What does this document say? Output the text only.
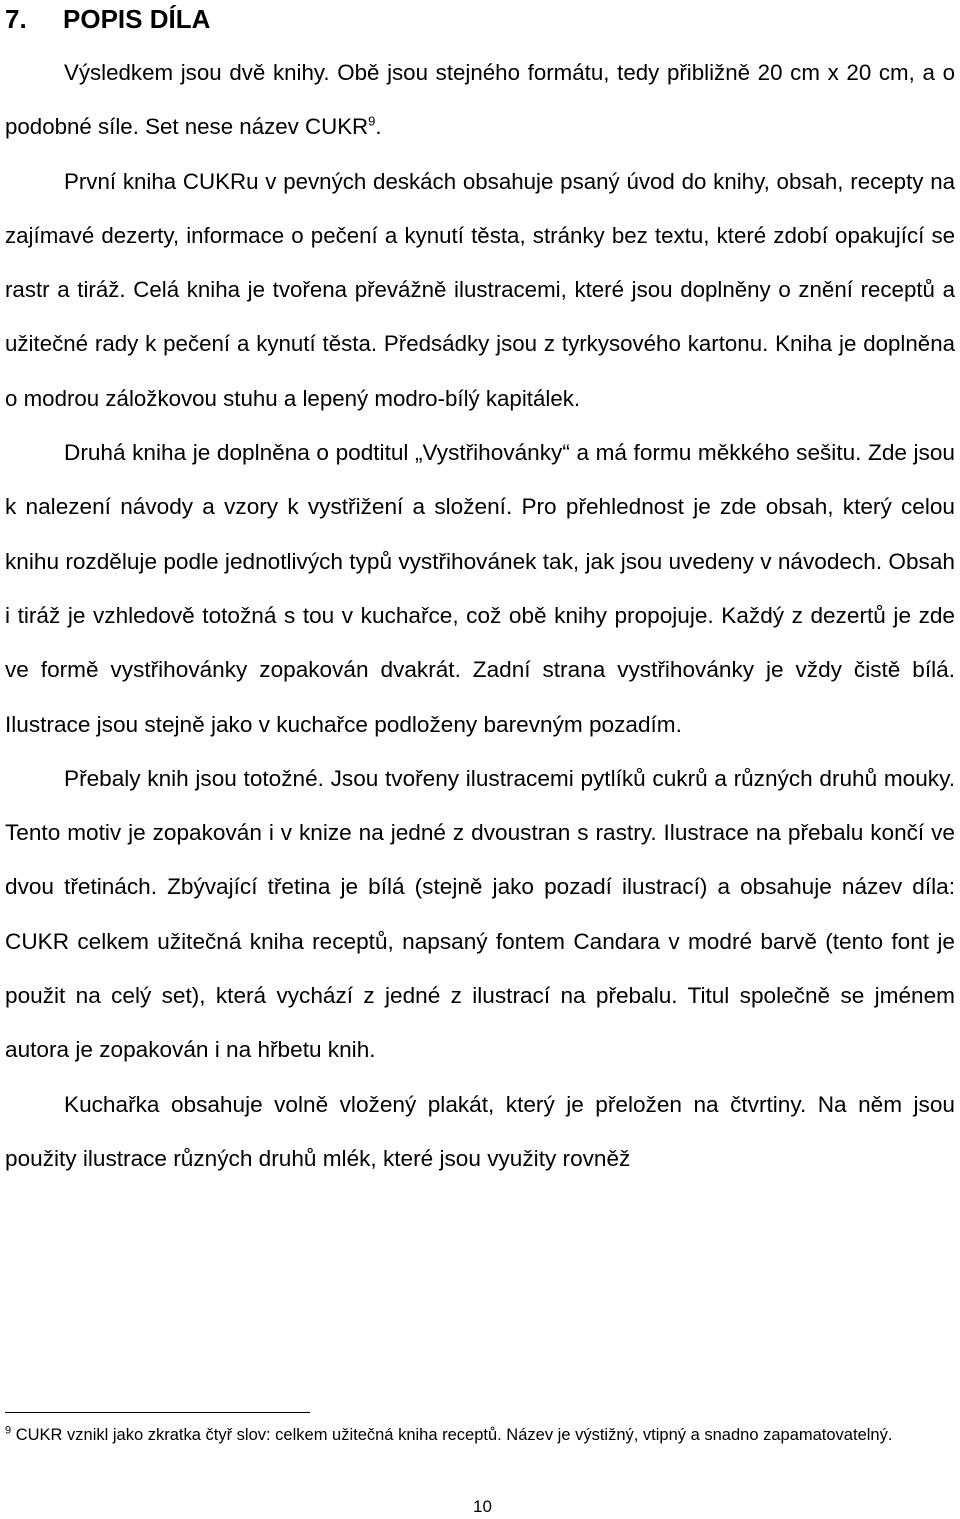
7. POPIS DÍLA

Výsledkem jsou dvě knihy. Obě jsou stejného formátu, tedy přibližně 20 cm x 20 cm, a o podobné síle. Set nese název CUKR$^9$.

První kniha CUKRu v pevných deskách obsahuje psaný úvod do knihy, obsah, recepty na zajímavé dezerty, informace o pečení a kynutí těsta, stránky bez textu, které zdobí opakující se rastr a tiráž. Celá kniha je tvořena převážně ilustracemi, které jsou doplněny o znění receptů a užitečné rady k pečení a kynutí těsta. Předsádky jsou z tyrkysového kartonu. Kniha je doplněna o modrou záložkovou stuhu a lepený modro-bílý kapitálek.

Druhá kniha je doplněna o podtitul „Vystřihovánky“ a má formu měkkého sešitu. Zde jsou k nalezení návody a vzory k vystřižení a složení. Pro přehlednost je zde obsah, který celou knihu rozděluje podle jednotlivých typů vystřihovánek tak, jak jsou uvedeny v návodech. Obsah i tiráž je vzhledově totožná s tou v kuchařce, což obě knihy propojuje. Každý z dezertů je zde ve formě vystřihovánky zopakován dvakrát. Zadní strana vystřihovánky je vždy čistě bílá. Ilustrace jsou stejně jako v kuchařce podloženy barevným pozadím.

Přebaly knih jsou totožné. Jsou tvořeny ilustracemi pytlíků cukrů a různých druhů mouky. Tento motiv je zopakován i v knize na jedné z dvoustran s rastry. Ilustrace na přebalu končí ve dvou třetinách. Zbývající třetina je bílá (stejně jako pozadí ilustrací) a obsahuje název díla: CUKR celkem užitečná kniha receptů, napsaný fontem Candara v modré barvě (tento font je použit na celý set), která vychází z jedné z ilustrací na přebalu. Titul společně se jménem autora je zopakován i na hřbetu knih.

Kuchařka obsahuje volně vložený plakát, který je přeložen na čtvrtiny. Na něm jsou použity ilustrace různých druhů mlék, které jsou využity rovněž

$^9$ CUKR vznikl jako zkratka čtyř slov: celkem užitečná kniha receptů. Název je výstižný, vtipný a snadno zapamatovatelný.
10
